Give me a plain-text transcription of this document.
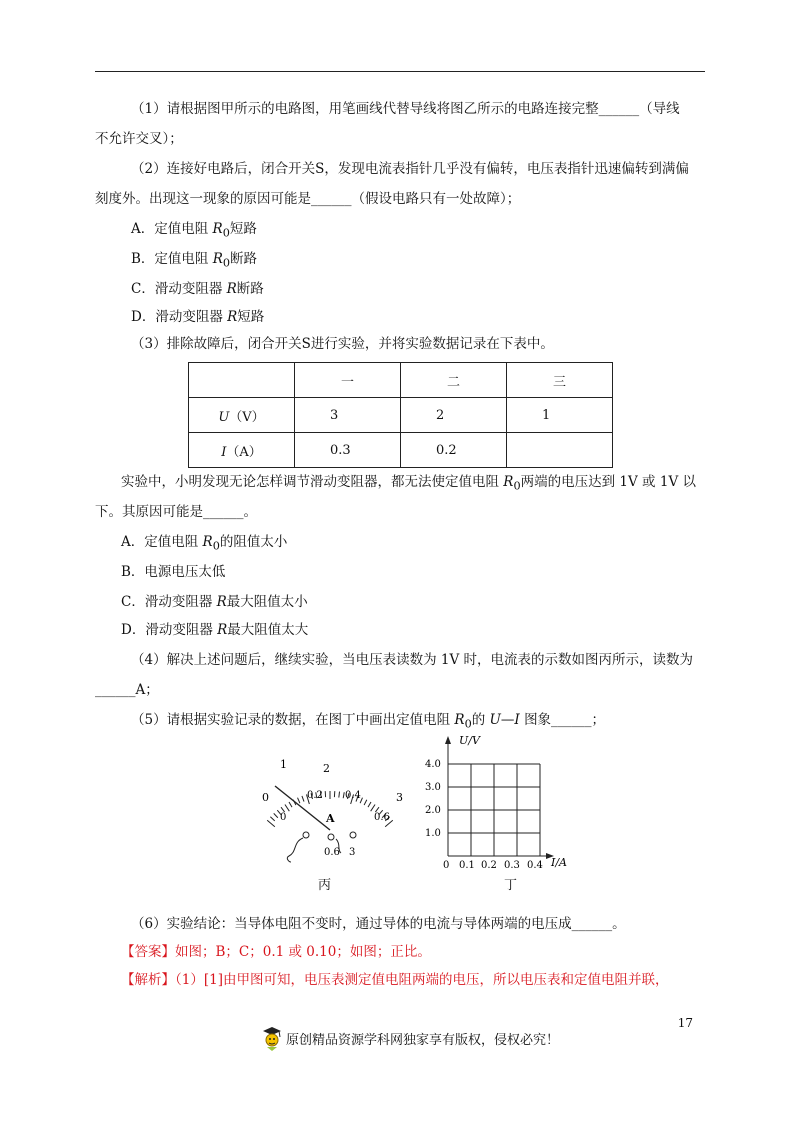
（1）请根据图甲所示的电路图，用笔画线代替导线将图乙所示的电路连接完整______（导线
不允许交叉）；
（2）连接好电路后，闭合开关S，发现电流表指针几乎没有偏转，电压表指针迅速偏转到满偏
刻度外。出现这一现象的原因可能是______（假设电路只有一处故障）；
A．定值电阻 $R_0$短路
B．定值电阻 $R_0$断路
C．滑动变阻器 R断路
D．滑动变阻器 R短路
（3）排除故障后，闭合开关S进行实验，并将实验数据记录在下表中。
	一	二	三
U（V）	3	2	1
I（A）	0.3	0.2	
实验中，小明发现无论怎样调节滑动变阻器，都无法使定值电阻 $R_0$两端的电压达到 1V 或 1V 以
下。其原因可能是______。
A．定值电阻 $R_0$的阻值太小
B．电源电压太低
C．滑动变阻器 R最大阻值太小
D．滑动变阻器 R最大阻值太大
（4）解决上述问题后，继续实验，当电压表读数为 1V 时，电流表的示数如图丙所示，读数为
______A；
（5）请根据实验记录的数据，在图丁中画出定值电阻 $R_0$的 U—I 图象______；
0
1	2
3
0
0.2 0.4
0.6
A
0.6 3
丙
U/V
4.0
3.0
2.0
1.0
0 0.1 0.2 0.3 0.4 I/A
丁
（6）实验结论：当导体电阻不变时，通过导体的电流与导体两端的电压成______。
【答案】如图；B；C；0.1 或 0.10；如图；正比。
【解析】（1）[1]由甲图可知，电压表测定值电阻两端的电压，所以电压表和定值电阻并联，
17
原创精品资源学科网独家享有版权，侵权必究！
